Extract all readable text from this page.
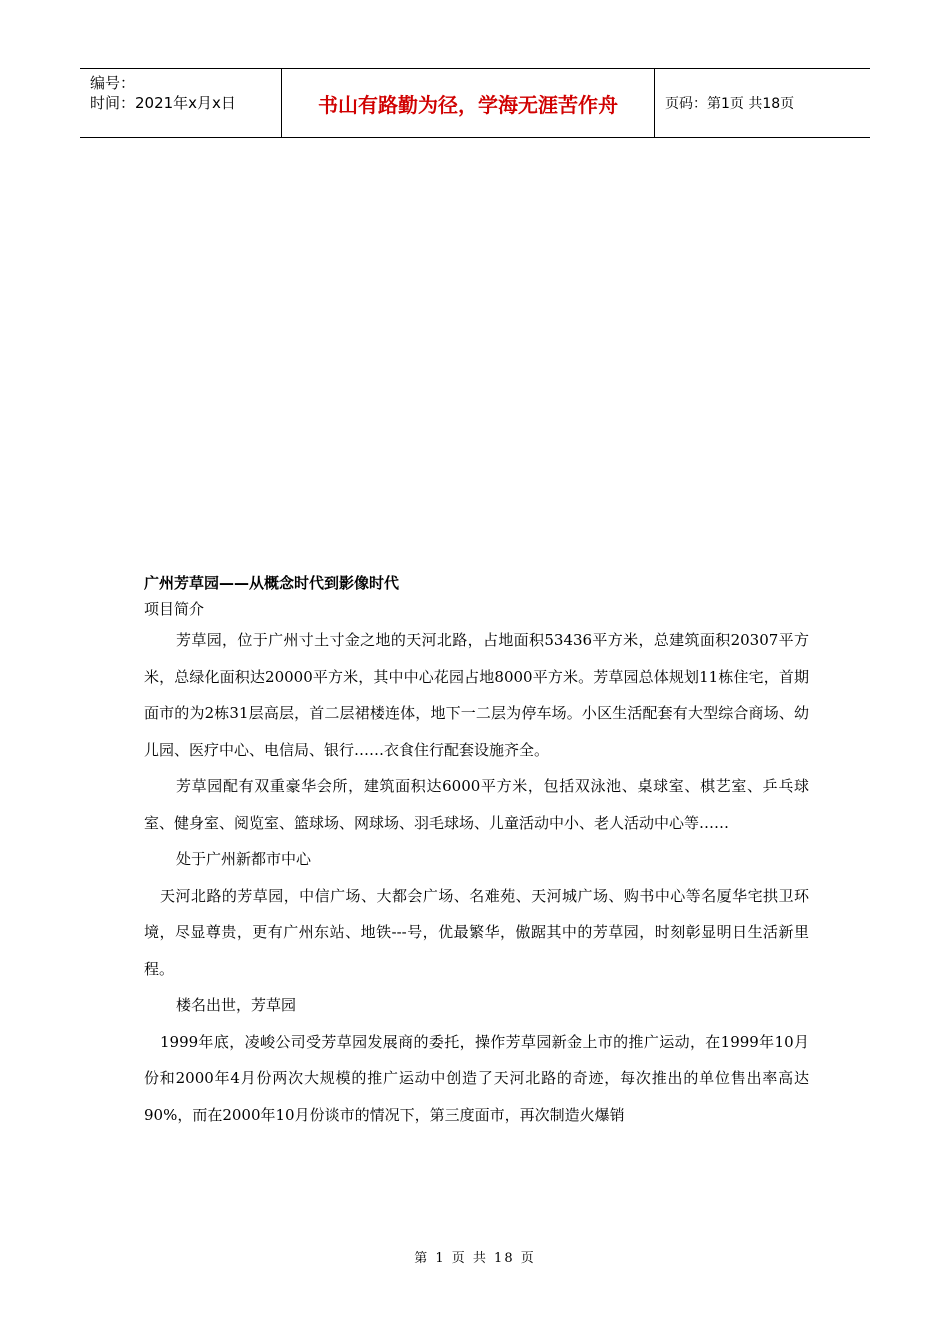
编号：
时间：2021年x月x日	书山有路勤为径，学海无涯苦作舟	页码：第1页 共18页
广州芳草园——从概念时代到影像时代
项目简介

芳草园，位于广州寸土寸金之地的天河北路，占地面积53436平方米，总建筑面积20307平方米，总绿化面积达20000平方米，其中中心花园占地8000平方米。芳草园总体规划11栋住宅，首期面市的为2栋31层高层，首二层裙楼连体，地下一二层为停车场。小区生活配套有大型综合商场、幼儿园、医疗中心、电信局、银行……衣食住行配套设施齐全。

芳草园配有双重豪华会所，建筑面积达6000平方米，包括双泳池、桌球室、棋艺室、乒乓球室、健身室、阅览室、篮球场、网球场、羽毛球场、儿童活动中小、老人活动中心等……

处于广州新都市中心

天河北路的芳草园，中信广场、大都会广场、名难苑、天河城广场、购书中心等名厦华宅拱卫环境，尽显尊贵，更有广州东站、地铁---号，优最繁华，傲踞其中的芳草园，时刻彰显明日生活新里程。

楼名出世，芳草园

1999年底，凌峻公司受芳草园发展商的委托，操作芳草园新金上市的推广运动，在1999年10月份和2000年4月份两次大规模的推广运动中创造了天河北路的奇迹，每次推出的单位售出率高达90%，而在2000年10月份谈市的情况下，第三度面市，再次制造火爆销

第 1 页 共 18 页
